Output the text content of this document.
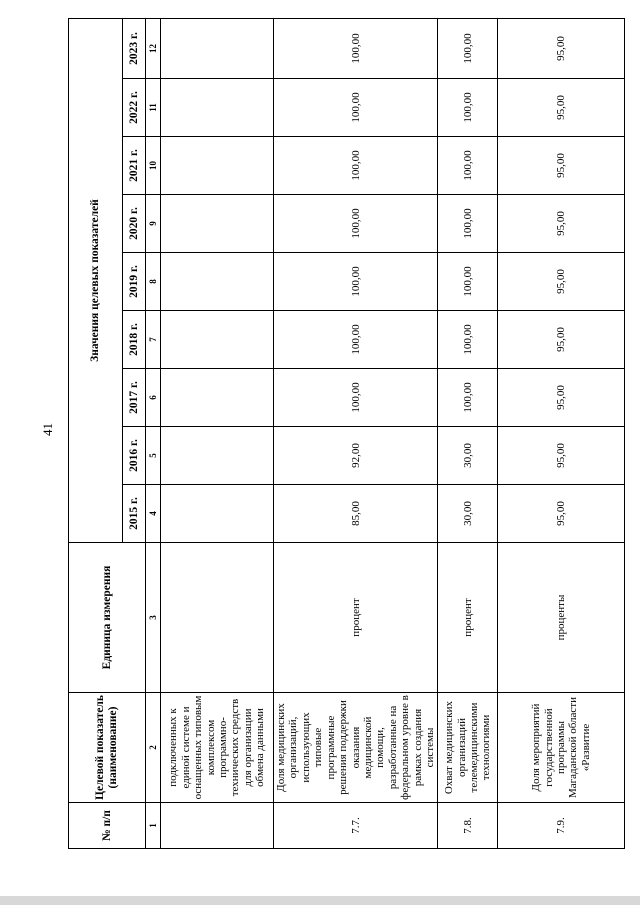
41
№ п/п	Целевой показатель (наименование)	Единица измерения	Значения целевых показателей								
			2015 г.	2016 г.	2017 г.	2018 г.	2019 г.	2020 г.	2021 г.	2022 г.	2023 г.
1	2	3	4	5	6	7	8	9	10	11	12
	подключенных к единой системе и оснащенных типовым комплексом программно-технических средств для организации обмена данными										
7.7.	Доля медицинских организаций, использующих типовые программные решения поддержки оказания медицинской помощи, разработанные на федеральном уровне в рамках создания системы	процент	85,00	92,00	100,00	100,00	100,00	100,00	100,00	100,00	100,00
7.8.	Охват медицинских организаций телемедицинскими технологиями	процент	30,00	30,00	100,00	100,00	100,00	100,00	100,00	100,00	100,00
7.9.	Доля мероприятий государственной программы Магаданской области «Развитие	проценты	95,00	95,00	95,00	95,00	95,00	95,00	95,00	95,00	95,00
